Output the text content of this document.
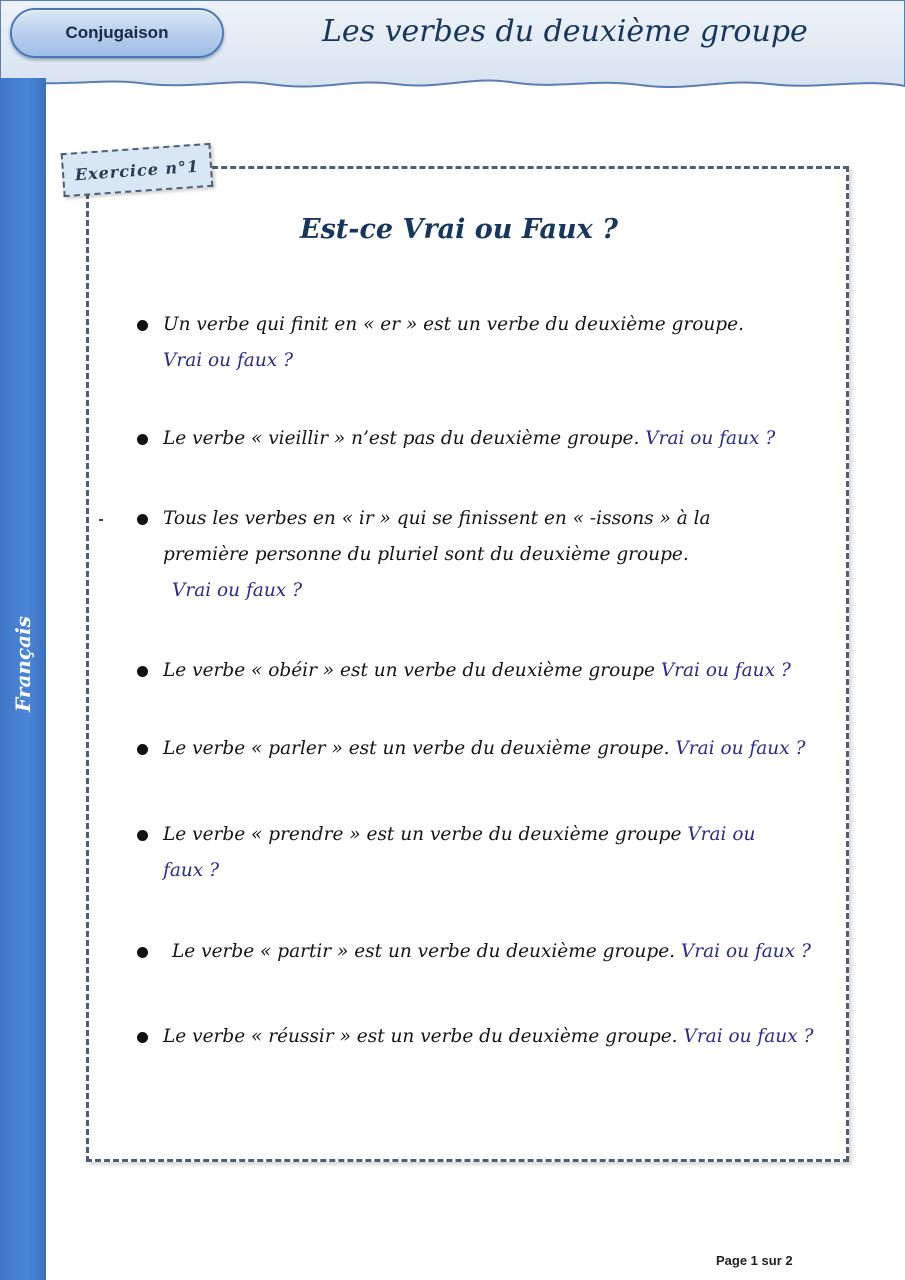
Conjugaison	Les verbes du deuxième groupe
Français
Exercice n°1
Est-ce Vrai ou Faux ?
Un verbe qui finit en « er » est un verbe du deuxième groupe.
Vrai ou faux ?
Le verbe « vieillir » n’est pas du deuxième groupe. Vrai ou faux ?
Tous les verbes en « ir » qui se finissent en « -issons » à la
première personne du pluriel sont du deuxième groupe.
Vrai ou faux ?
Le verbe « obéir » est un verbe du deuxième groupe Vrai ou faux ?
Le verbe « parler » est un verbe du deuxième groupe. Vrai ou faux ?
Le verbe « prendre » est un verbe du deuxième groupe Vrai ou
faux ?
Le verbe « partir » est un verbe du deuxième groupe. Vrai ou faux ?
Le verbe « réussir » est un verbe du deuxième groupe. Vrai ou faux ?
Page 1 sur 2
